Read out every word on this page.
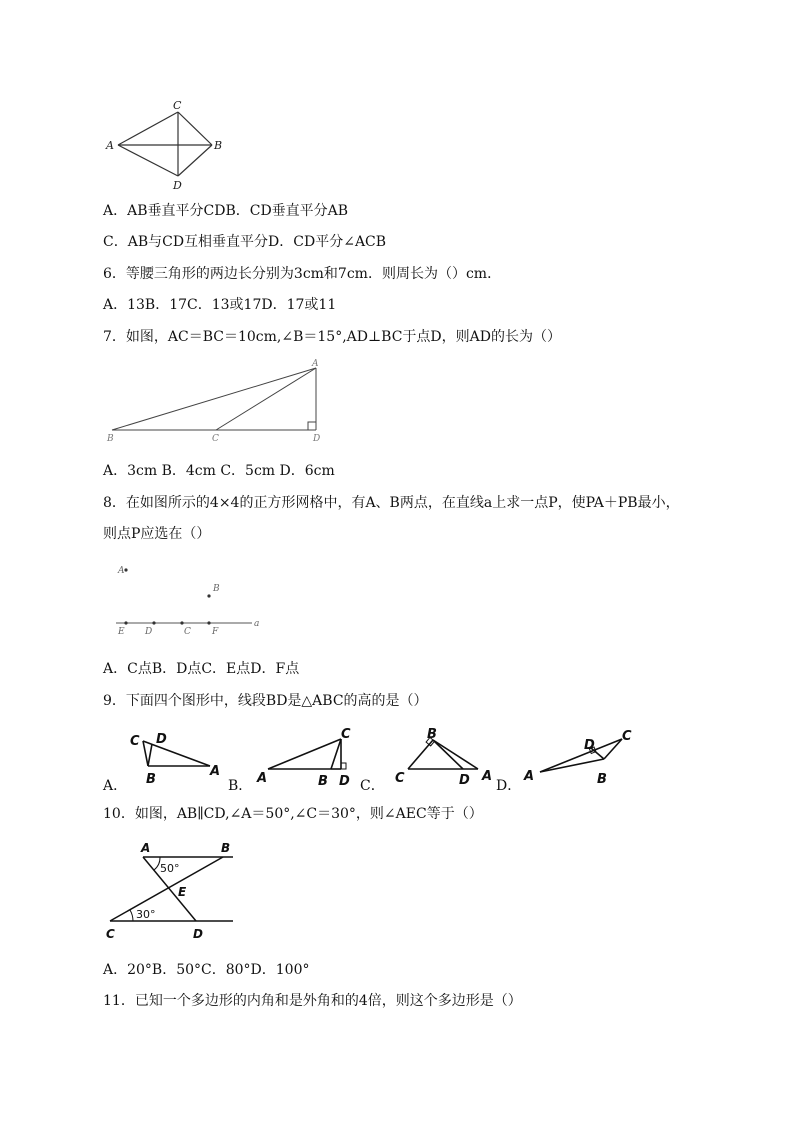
C
A	B
D
A．AB垂直平分CDB．CD垂直平分AB
C．AB与CD互相垂直平分D．CD平分∠ACB
6．等腰三角形的两边长分别为3cm和7cm．则周长为（）cm．
A．13B．17C．13或17D．17或11
7．如图，AC＝BC＝10cm,∠B＝15°,AD⊥BC于点D，则AD的长为（）
A
B	C	D
A．3cm B．4cm C．5cm D．6cm
8．在如图所示的4×4的正方形网格中，有A、B两点，在直线a上求一点P，使PA＋PB最小，
则点P应选在（）
A
B
E D	C F
a
A．C点B．D点C．E点D．F点
9．下面四个图形中，线段BD是△ABC的高的是（）
A．
C D
B
A
B．
C
A	B D C．
B
C	D A
D．
D
C
A	B
10．如图，AB∥CD,∠A＝50°,∠C＝30°，则∠AEC等于（）
A	B
E
C	D
50°
30°
A．20°B．50°C．80°D．100°
11．已知一个多边形的内角和是外角和的4倍，则这个多边形是（）
